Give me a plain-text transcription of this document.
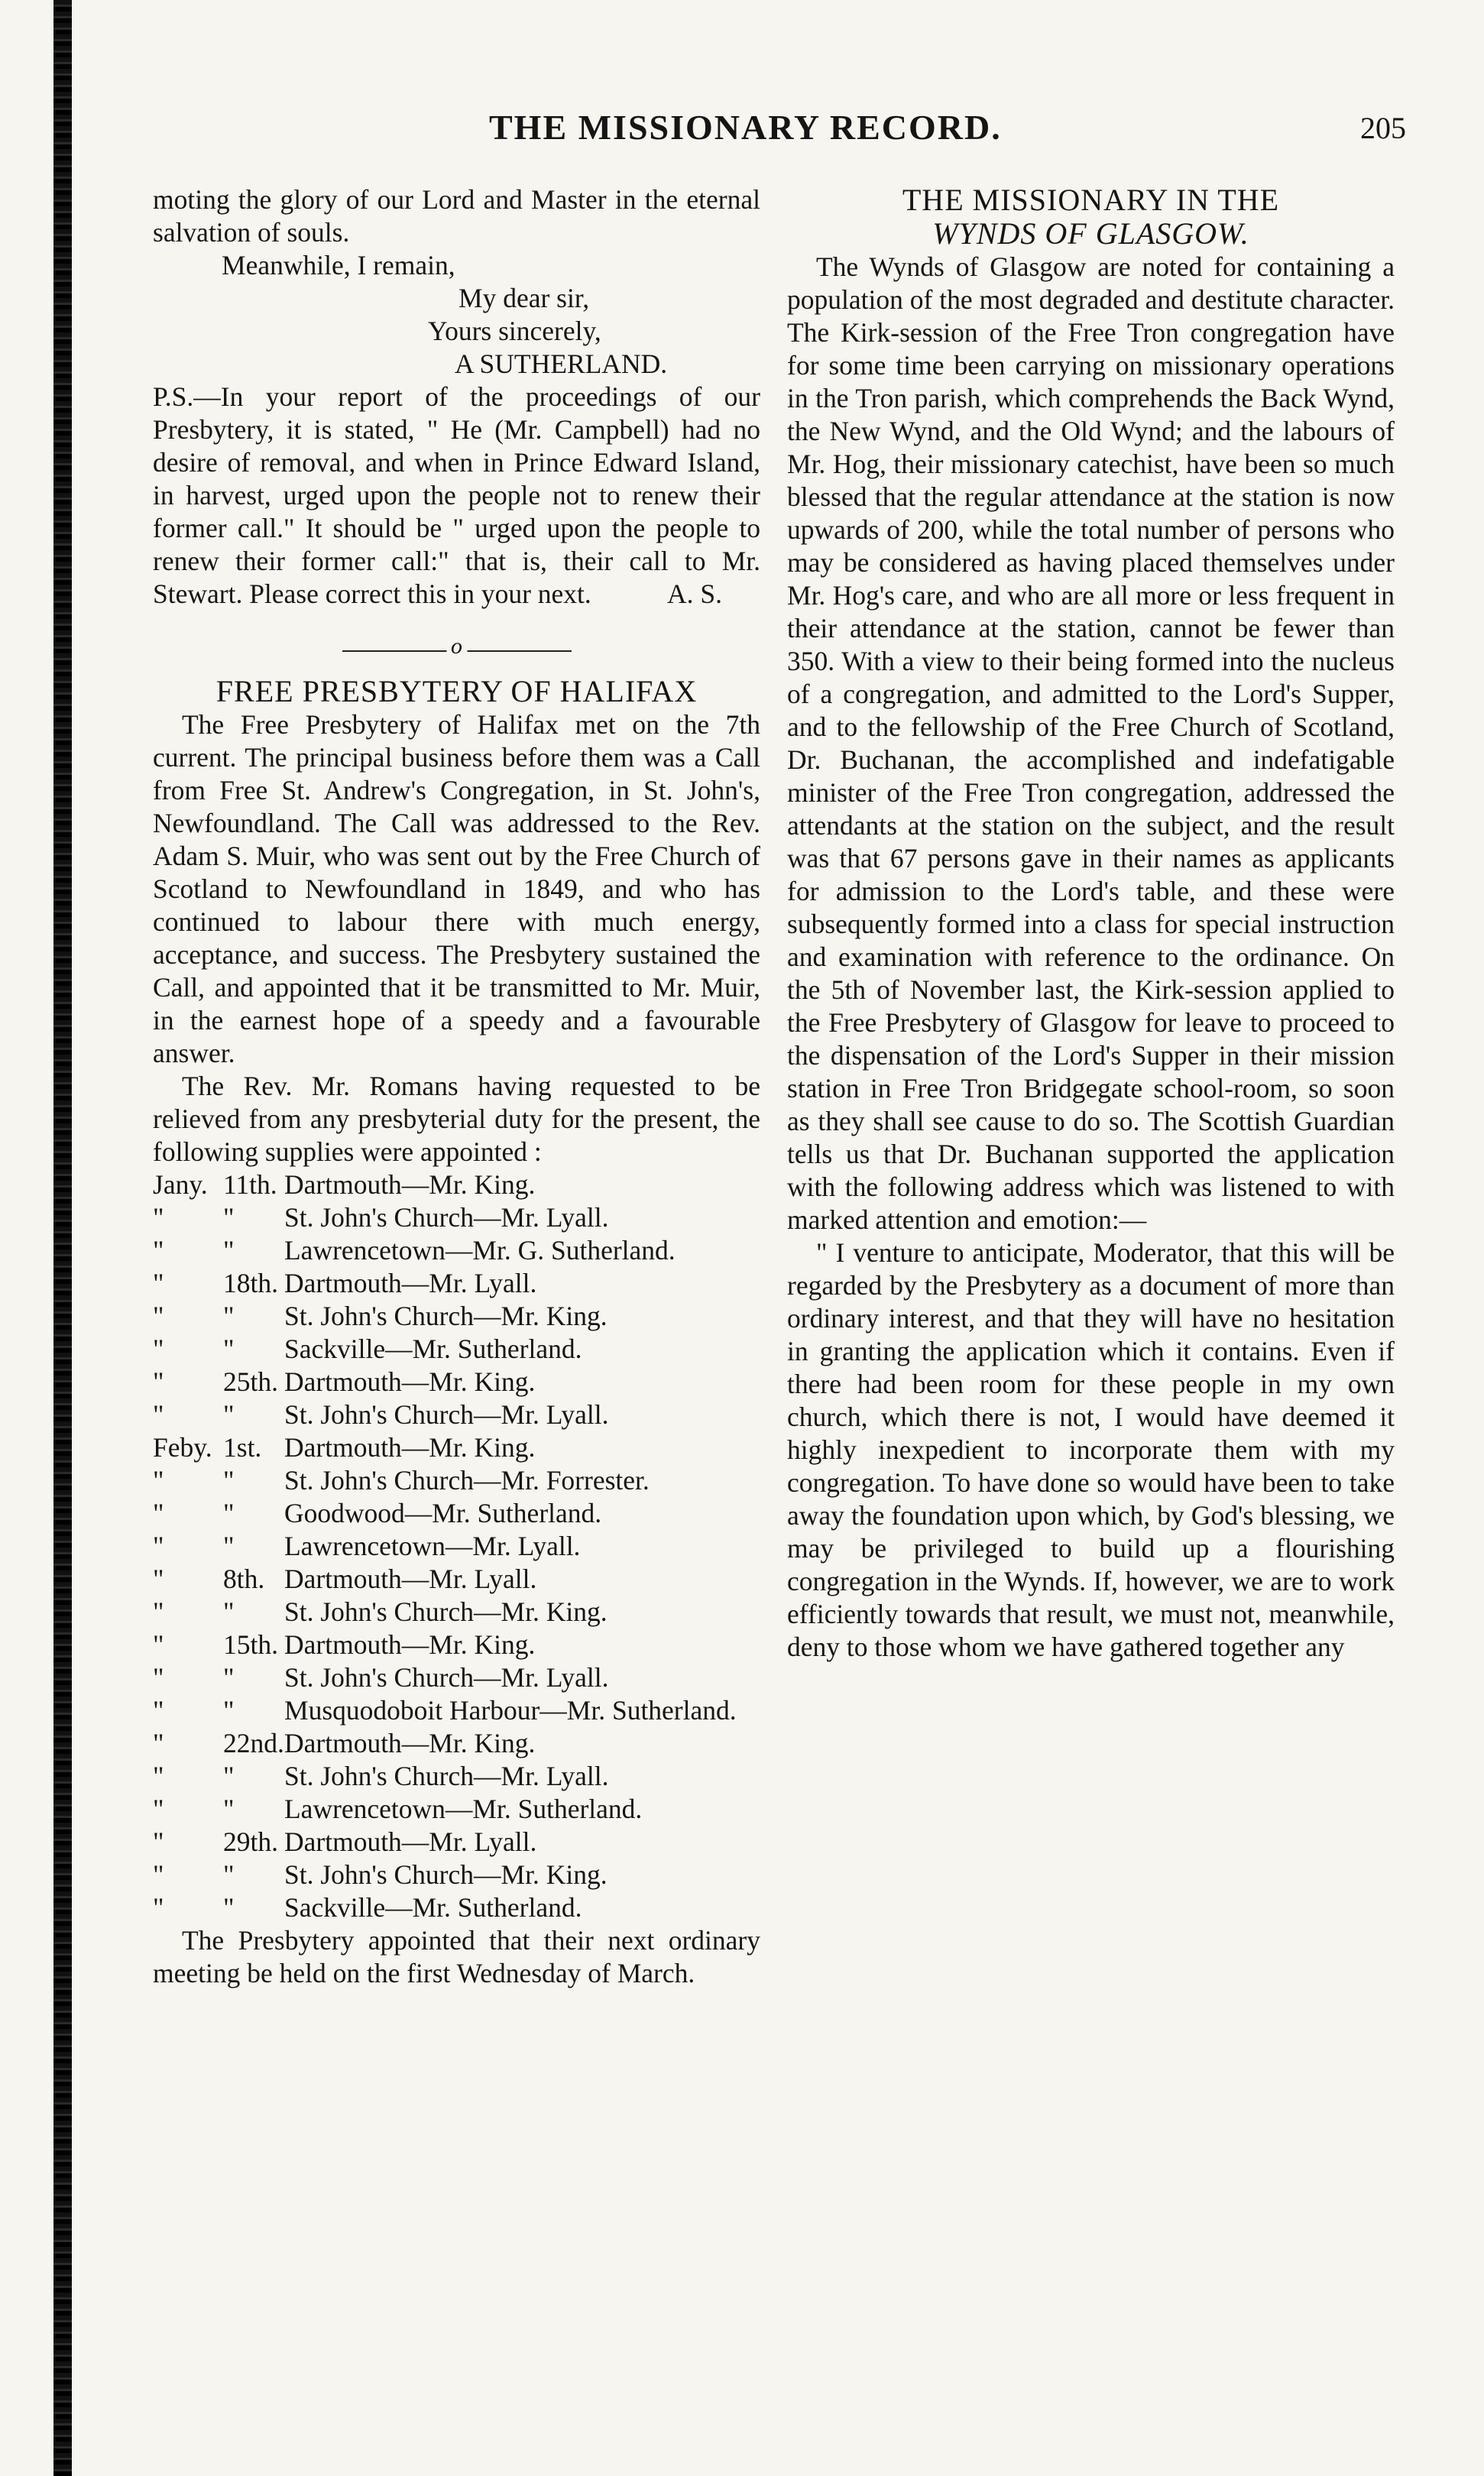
THE MISSIONARY RECORD.	205

moting the glory of our Lord and Master in the eternal salvation of souls.

Meanwhile, I remain,

My dear sir,

Yours sincerely,

A SUTHERLAND.

P.S.—In your report of the proceedings of our Presbytery, it is stated, " He (Mr. Campbell) had no desire of removal, and when in Prince Edward Island, in harvest, urged upon the people not to renew their former call." It should be " urged upon the people to renew their former call:" that is, their call to Mr. Stewart. Please correct this in your next.	A. S.

o

FREE PRESBYTERY OF HALIFAX

The Free Presbytery of Halifax met on the 7th current. The principal business before them was a Call from Free St. Andrew's Congregation, in St. John's, Newfoundland. The Call was addressed to the Rev. Adam S. Muir, who was sent out by the Free Church of Scotland to Newfoundland in 1849, and who has continued to labour there with much energy, acceptance, and success. The Presbytery sustained the Call, and appointed that it be transmitted to Mr. Muir, in the earnest hope of a speedy and a favourable answer.

The Rev. Mr. Romans having requested to be relieved from any presbyterial duty for the present, the following supplies were appointed :

Jany. 11th. Dartmouth—Mr. King.
"	"	St. John's Church—Mr. Lyall.
"	"	Lawrencetown—Mr. G. Sutherland.
"	18th. Dartmouth—Mr. Lyall.
"	"	St. John's Church—Mr. King.
"	"	Sackville—Mr. Sutherland.
"	25th. Dartmouth—Mr. King.
"	"	St. John's Church—Mr. Lyall.
Feby. 1st. Dartmouth—Mr. King.
"	"	St. John's Church—Mr. Forrester.
"	"	Goodwood—Mr. Sutherland.
"	"	Lawrencetown—Mr. Lyall.
"	8th. Dartmouth—Mr. Lyall.
"	"	St. John's Church—Mr. King.
"	15th. Dartmouth—Mr. King.
"	"	St. John's Church—Mr. Lyall.
"	"	Musquodoboit Harbour—Mr. Sutherland.
"	22nd. Dartmouth—Mr. King.
"	"	St. John's Church—Mr. Lyall.
"	"	Lawrencetown—Mr. Sutherland.
"	29th. Dartmouth—Mr. Lyall.
"	"	St. John's Church—Mr. King.
"	"	Sackville—Mr. Sutherland.

The Presbytery appointed that their next ordinary meeting be held on the first Wednesday of March.

THE MISSIONARY IN THE

WYNDS OF GLASGOW.

The Wynds of Glasgow are noted for containing a population of the most degraded and destitute character. The Kirk-session of the Free Tron congregation have for some time been carrying on missionary operations in the Tron parish, which comprehends the Back Wynd, the New Wynd, and the Old Wynd; and the labours of Mr. Hog, their missionary catechist, have been so much blessed that the regular attendance at the station is now upwards of 200, while the total number of persons who may be considered as having placed themselves under Mr. Hog's care, and who are all more or less frequent in their attendance at the station, cannot be fewer than 350. With a view to their being formed into the nucleus of a congregation, and admitted to the Lord's Supper, and to the fellowship of the Free Church of Scotland, Dr. Buchanan, the accomplished and indefatigable minister of the Free Tron congregation, addressed the attendants at the station on the subject, and the result was that 67 persons gave in their names as applicants for admission to the Lord's table, and these were subsequently formed into a class for special instruction and examination with reference to the ordinance. On the 5th of November last, the Kirk-session applied to the Free Presbytery of Glasgow for leave to proceed to the dispensation of the Lord's Supper in their mission station in Free Tron Bridgegate school-room, so soon as they shall see cause to do so. The Scottish Guardian tells us that Dr. Buchanan supported the application with the following address which was listened to with marked attention and emotion:—

" I venture to anticipate, Moderator, that this will be regarded by the Presbytery as a document of more than ordinary interest, and that they will have no hesitation in granting the application which it contains. Even if there had been room for these people in my own church, which there is not, I would have deemed it highly inexpedient to incorporate them with my congregation. To have done so would have been to take away the foundation upon which, by God's blessing, we may be privileged to build up a flourishing congregation in the Wynds. If, however, we are to work efficiently towards that result, we must not, meanwhile, deny to those whom we have gathered together any
